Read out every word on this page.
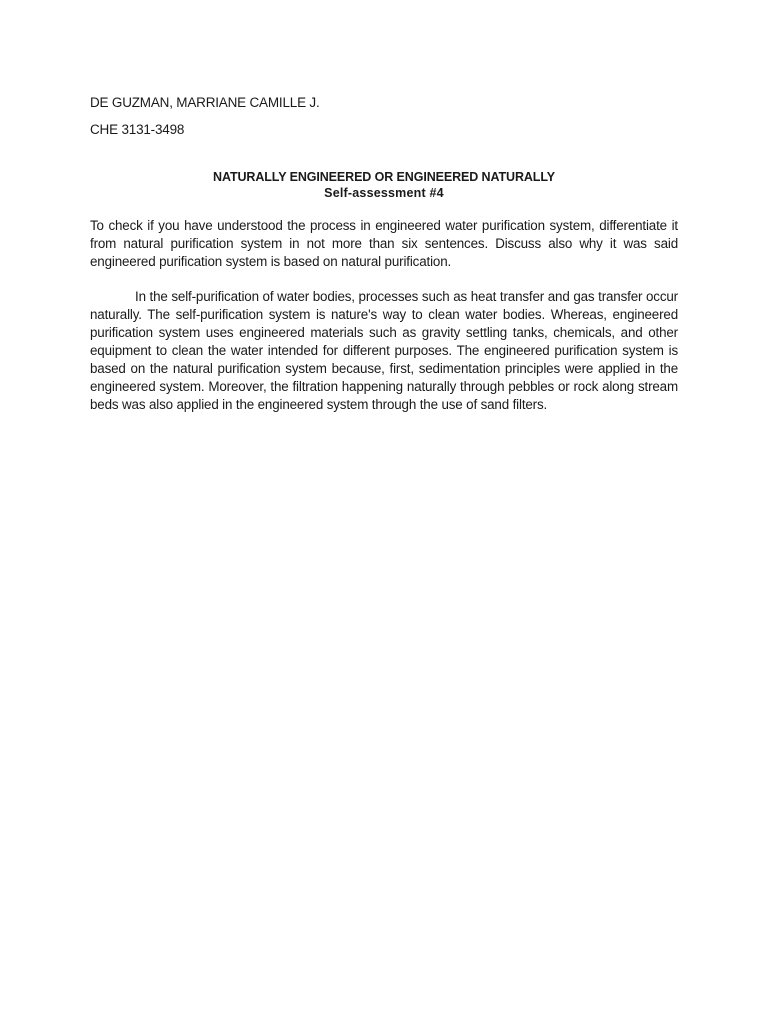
DE GUZMAN, MARRIANE CAMILLE J.

CHE 3131-3498

NATURALLY ENGINEERED OR ENGINEERED NATURALLY
Self-assessment #4

To check if you have understood the process in engineered water purification system, differentiate it from natural purification system in not more than six sentences. Discuss also why it was said engineered purification system is based on natural purification.

In the self-purification of water bodies, processes such as heat transfer and gas transfer occur naturally. The self-purification system is nature's way to clean water bodies. Whereas, engineered purification system uses engineered materials such as gravity settling tanks, chemicals, and other equipment to clean the water intended for different purposes. The engineered purification system is based on the natural purification system because, first, sedimentation principles were applied in the engineered system. Moreover, the filtration happening naturally through pebbles or rock along stream beds was also applied in the engineered system through the use of sand filters.
